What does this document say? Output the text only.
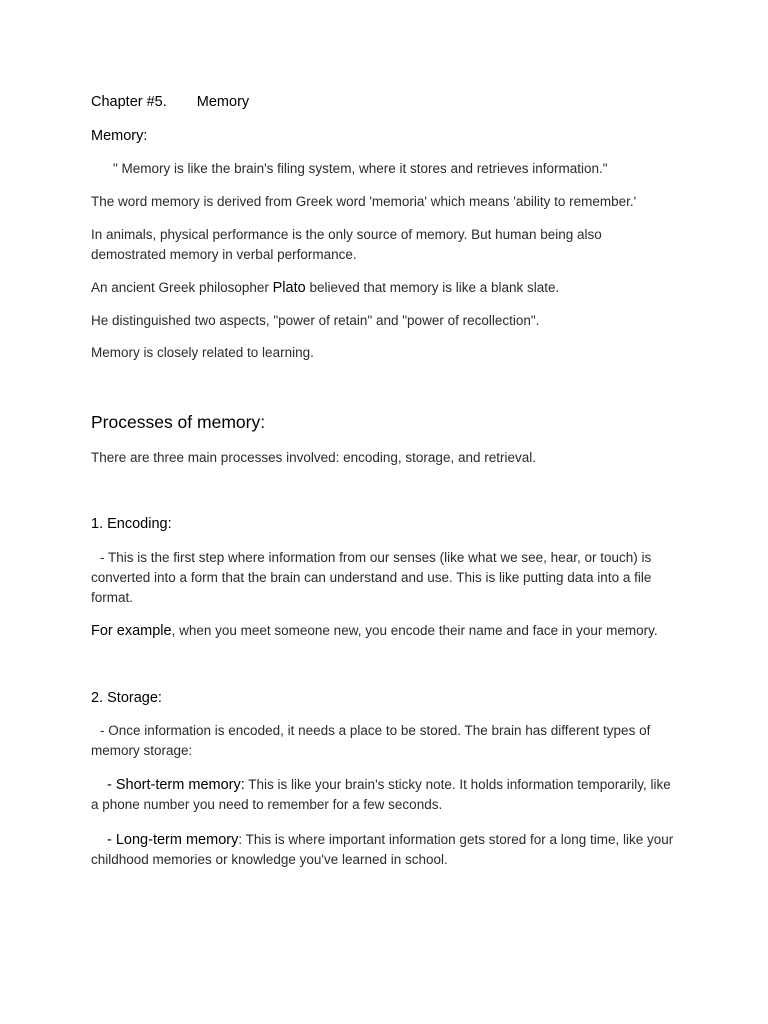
Chapter #5. Memory

Memory:

" Memory is like the brain's filing system, where it stores and retrieves information."

The word memory is derived from Greek word 'memoria' which means 'ability to remember.'

In animals, physical performance is the only source of memory. But human being also demostrated memory in verbal performance.

An ancient Greek philosopher Plato believed that memory is like a blank slate.

He distinguished two aspects, "power of retain" and "power of recollection".

Memory is closely related to learning.

Processes of memory:

There are three main processes involved: encoding, storage, and retrieval.

1. Encoding:

- This is the first step where information from our senses (like what we see, hear, or touch) is converted into a form that the brain can understand and use. This is like putting data into a file format.

For example, when you meet someone new, you encode their name and face in your memory.

2. Storage:

- Once information is encoded, it needs a place to be stored. The brain has different types of memory storage:

- Short-term memory: This is like your brain's sticky note. It holds information temporarily, like a phone number you need to remember for a few seconds.

- Long-term memory: This is where important information gets stored for a long time, like your childhood memories or knowledge you've learned in school.
